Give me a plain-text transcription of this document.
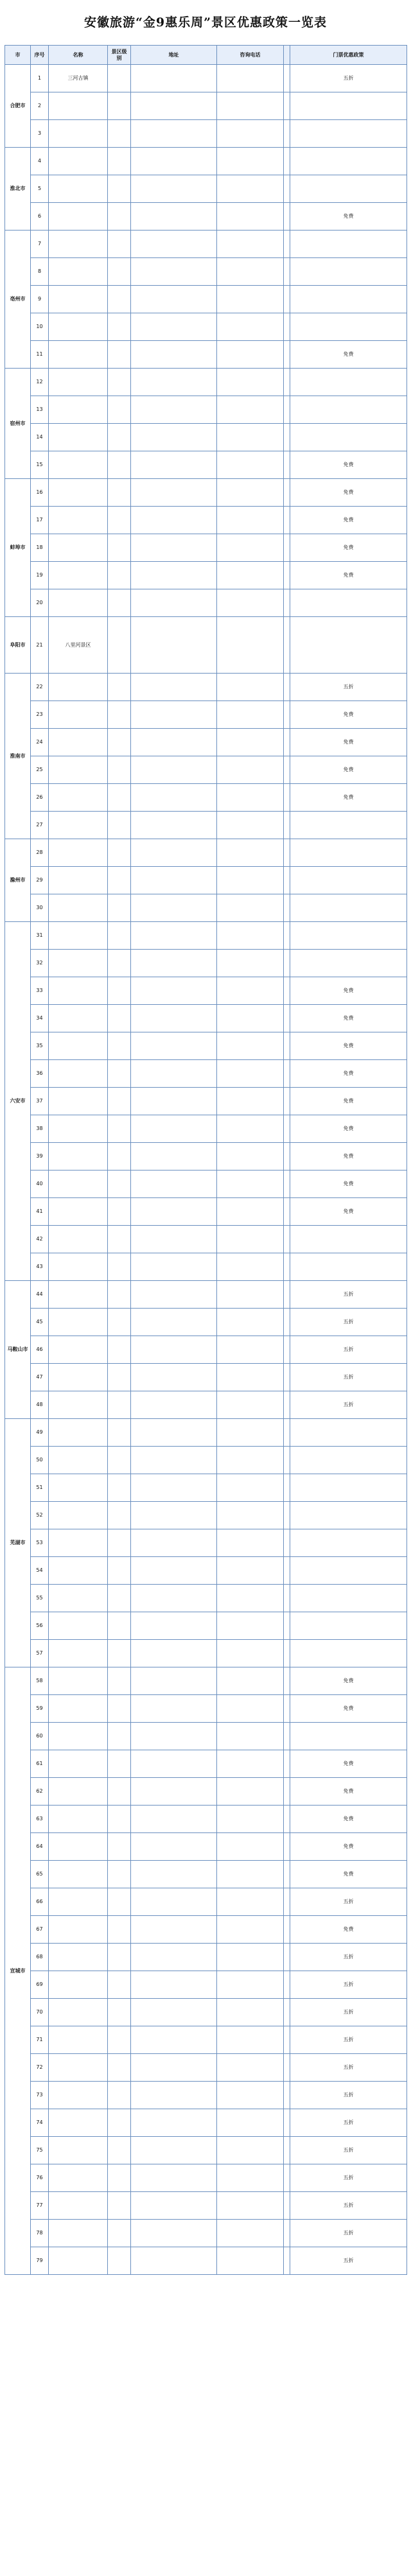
安徽旅游“金9惠乐周”景区优惠政策一览表
市	序号	名称	景区级别	地址	咨询电话		门票优惠政策
合肥市	1	三河古镇					五折
	2						
	3						
淮北市	4						
	5						
	6						免费
亳州市	7						
	8						
	9						
	10						
	11						免费
宿州市	12						
	13						
	14						
	15						免费
蚌埠市	16						免费
	17						免费
	18						免费
	19						免费
	20						
阜阳市	21	八里河景区					
淮南市	22						五折
	23						免费
	24						免费
	25						免费
	26						免费
	27						
滁州市	28						
	29						
	30						
六安市	31						
	32						
	33						免费
	34						免费
	35						免费
	36						免费
	37						免费
	38						免费
	39						免费
	40						免费
	41						免费
	42						
	43						
马鞍山市	44						五折
	45						五折
	46						五折
	47						五折
	48						五折
芜湖市	49						
	50						
	51						
	52						
	53						
	54						
	55						
	56						
	57						
宣城市	58						免费
	59						免费
	60						
	61						免费
	62						免费
	63						免费
	64						免费
	65						免费
	66						五折
	67						免费
	68						五折
	69						五折
	70						五折
	71						五折
	72						五折
	73						五折
	74						五折
	75						五折
	76						五折
	77						五折
	78						五折
	79						五折
